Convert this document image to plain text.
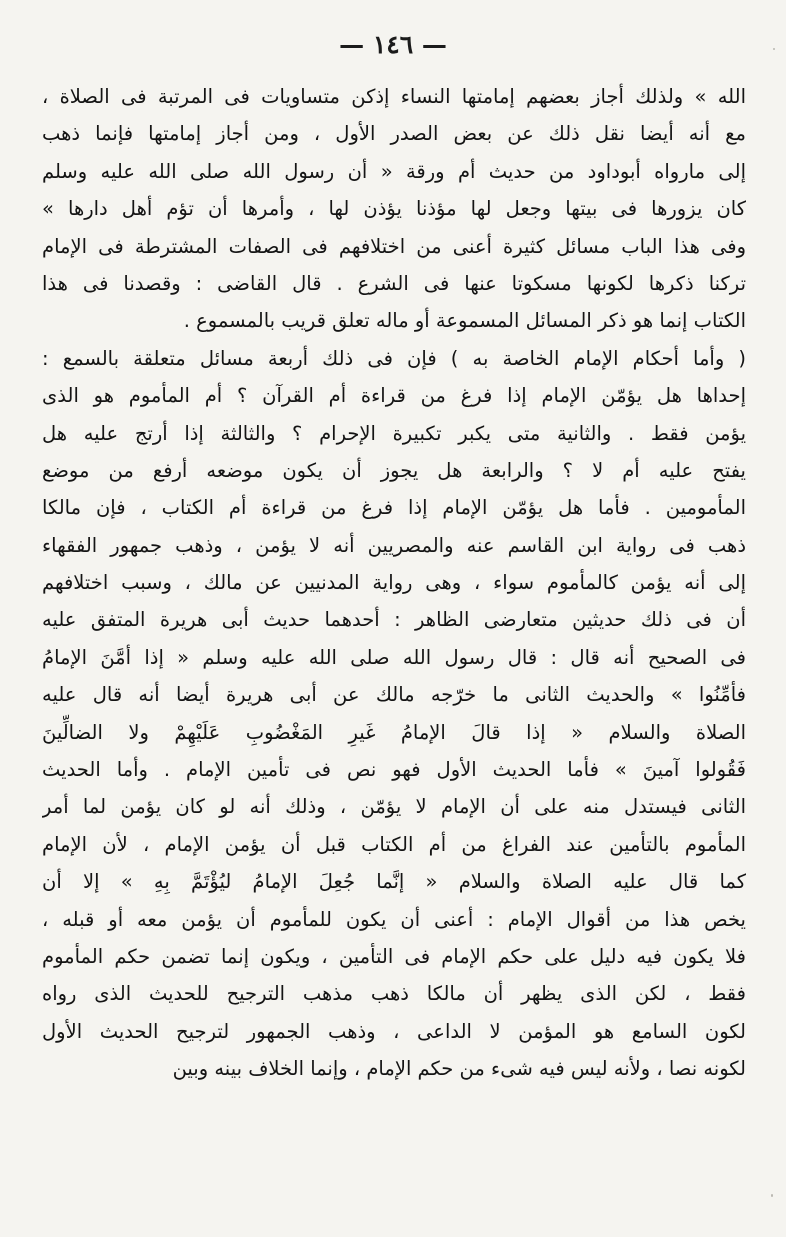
— ١٤٦ —
الله » ولذلك أجاز بعضهم إمامتها النساء إذكن متساويات فى المرتبة فى الصلاة ،
مع أنه أيضا نقل ذلك عن بعض الصدر الأول ، ومن أجاز إمامتها فإنما ذهب
إلى مارواه أبوداود من حديث أم ورقة « أن رسول الله صلى الله عليه وسلم
كان يزورها فى بيتها وجعل لها مؤذنا يؤذن لها ، وأمرها أن تؤم أهل دارها »
وفى هذا الباب مسائل كثيرة أعنى من اختلافهم فى الصفات المشترطة فى الإمام
تركنا ذكرها لكونها مسكوتا عنها فى الشرع . قال القاضى : وقصدنا فى هذا
الكتاب إنما هو ذكر المسائل المسموعة أو ماله تعلق قريب بالمسموع .
( وأما أحكام الإمام الخاصة به ) فإن فى ذلك أربعة مسائل متعلقة بالسمع :
إحداها هل يؤمّن الإمام إذا فرغ من قراءة أم القرآن ؟ أم المأموم هو الذى
يؤمن فقط . والثانية متى يكبر تكبيرة الإحرام ؟ والثالثة إذا أرتج عليه هل
يفتح عليه أم لا ؟ والرابعة هل يجوز أن يكون موضعه أرفع من موضع
المأمومين . فأما هل يؤمّن الإمام إذا فرغ من قراءة أم الكتاب ، فإن مالكا
ذهب فى رواية ابن القاسم عنه والمصريين أنه لا يؤمن ، وذهب جمهور الفقهاء
إلى أنه يؤمن كالمأموم سواء ، وهى رواية المدنيين عن مالك ، وسبب اختلافهم
أن فى ذلك حديثين متعارضى الظاهر : أحدهما حديث أبى هريرة المتفق عليه
فى الصحيح أنه قال : قال رسول الله صلى الله عليه وسلم « إذا أمَّنَ الإمامُ
فأمِّنُوا » والحديث الثانى ما خرّجه مالك عن أبى هريرة أيضا أنه قال عليه
الصلاة والسلام « إذا قالَ الإمامُ غَيرِ المَغْضُوبِ عَلَيْهِمْ ولا الضالِّينَ
فَقُولوا آمينَ » فأما الحديث الأول فهو نص فى تأمين الإمام . وأما الحديث
الثانى فيستدل منه على أن الإمام لا يؤمّن ، وذلك أنه لو كان يؤمن لما أمر
المأموم بالتأمين عند الفراغ من أم الكتاب قبل أن يؤمن الإمام ، لأن الإمام
كما قال عليه الصلاة والسلام « إنَّما جُعِلَ الإمامُ ليُؤْتَمَّ بِهِ » إلا أن
يخص هذا من أقوال الإمام : أعنى أن يكون للمأموم أن يؤمن معه أو قبله ،
فلا يكون فيه دليل على حكم الإمام فى التأمين ، ويكون إنما تضمن حكم المأموم
فقط ، لكن الذى يظهر أن مالكا ذهب مذهب الترجيح للحديث الذى رواه
لكون السامع هو المؤمن لا الداعى ، وذهب الجمهور لترجيح الحديث الأول
لكونه نصا ، ولأنه ليس فيه شىء من حكم الإمام ، وإنما الخلاف بينه وبين
